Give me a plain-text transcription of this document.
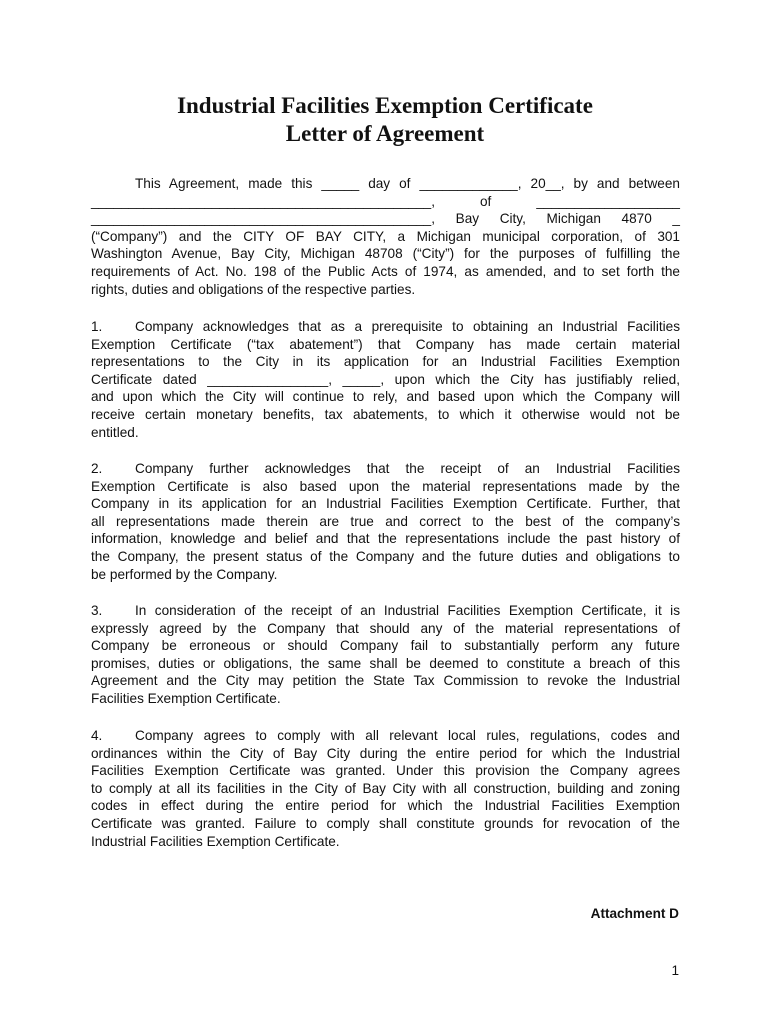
Industrial Facilities Exemption Certificate
Letter of Agreement
This Agreement, made this _____ day of _____________, 20__, by and between
_____________________________________________, of ___________________
_____________________________________________, Bay City, Michigan 4870 _
(“Company”) and the CITY OF BAY CITY, a Michigan municipal corporation, of 301
Washington Avenue, Bay City, Michigan 48708 (“City”) for the purposes of fulfilling the
requirements of Act. No. 198 of the Public Acts of 1974, as amended, and to set forth the
rights, duties and obligations of the respective parties.
1. Company acknowledges that as a prerequisite to obtaining an Industrial Facilities
Exemption Certificate (“tax abatement”) that Company has made certain material
representations to the City in its application for an Industrial Facilities Exemption
Certificate dated ________________, _____, upon which the City has justifiably relied,
and upon which the City will continue to rely, and based upon which the Company will
receive certain monetary benefits, tax abatements, to which it otherwise would not be
entitled.
2. Company further acknowledges that the receipt of an Industrial Facilities
Exemption Certificate is also based upon the material representations made by the
Company in its application for an Industrial Facilities Exemption Certificate. Further, that
all representations made therein are true and correct to the best of the company’s
information, knowledge and belief and that the representations include the past history of
the Company, the present status of the Company and the future duties and obligations to
be performed by the Company.
3. In consideration of the receipt of an Industrial Facilities Exemption Certificate, it is
expressly agreed by the Company that should any of the material representations of
Company be erroneous or should Company fail to substantially perform any future
promises, duties or obligations, the same shall be deemed to constitute a breach of this
Agreement and the City may petition the State Tax Commission to revoke the Industrial
Facilities Exemption Certificate.
4. Company agrees to comply with all relevant local rules, regulations, codes and
ordinances within the City of Bay City during the entire period for which the Industrial
Facilities Exemption Certificate was granted. Under this provision the Company agrees
to comply at all its facilities in the City of Bay City with all construction, building and zoning
codes in effect during the entire period for which the Industrial Facilities Exemption
Certificate was granted. Failure to comply shall constitute grounds for revocation of the
Industrial Facilities Exemption Certificate.
Attachment D
1
